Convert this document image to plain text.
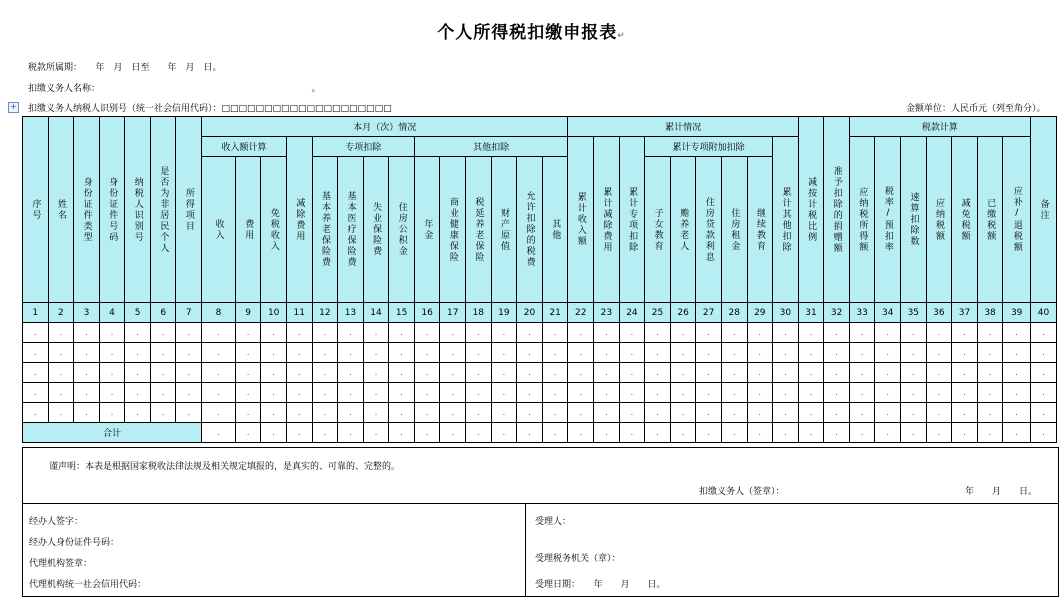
个人所得税扣缴申报表↵
税款所属期：　　年　月　日至　　年　月　日。
扣缴义务人名称：　　　　　　　　　　　　　　　　　　　　　　　　。
+ 扣缴义务人纳税人识别号（统一社会信用代码）：□□□□□□□□□□□□□□□□□□□□	金额单位：人民币元（列至角分）。
序号	姓名	身份证件类型	身份证件号码	纳税人识别号	是否为非居民个人	所得项目	本月（次）情况														累计情况									减按计税比例	准予扣除的捐赠额	税款计算							备注

							收入额计算			减除费用	专项扣除				其他扣除						累计收入额	累计减除费用	累计专项扣除	累计专项附加扣除					累计其他扣除			应纳税所得额	税率/预扣率	速算扣除数	应纳税额	减免税额	已缴税额	应补/退税额	

							收入	费用	免税收入		基本养老保险费	基本医疗保险费	失业保险费	住房公积金	年金	商业健康保险	税延养老保险	财产原值	允许扣除的税费	其他				子女教育	赡养老人	住房贷款利息	住房租金	继续教育											

1	2	3	4	5	6	7	8	9	10	11	12	13	14	15	16	17	18	19	20	21	22	23	24	25	26	27	28	29	30	31	32	33	34	35	36	37	38	39	40
.	.	.	.	.	.	.	.	.	.	.	.	.	.	.	.	.	.	.	.	.	.	.	.	.	.	.	.	.	.	.	.	.	.	.	.	.	.	.	.
.	.	.	.	.	.	.	.	.	.	.	.	.	.	.	.	.	.	.	.	.	.	.	.	.	.	.	.	.	.	.	.	.	.	.	.	.	.	.	.
.	.	.	.	.	.	.	.	.	.	.	.	.	.	.	.	.	.	.	.	.	.	.	.	.	.	.	.	.	.	.	.	.	.	.	.	.	.	.	.
.	.	.	.	.	.	.	.	.	.	.	.	.	.	.	.	.	.	.	.	.	.	.	.	.	.	.	.	.	.	.	.	.	.	.	.	.	.	.	.
.	.	.	.	.	.	.	.	.	.	.	.	.	.	.	.	.	.	.	.	.	.	.	.	.	.	.	.	.	.	.	.	.	.	.	.	.	.	.	.
合计							.	.	.	.	.	.	.	.	.	.	.	.	.	.	.	.	.	.	.	.	.	.	.	.	.	.	.	.	.	.	.	.	.
谨声明：本表是根据国家税收法律法规及相关规定填报的，是真实的、可靠的、完整的。
扣缴义务人（签章）：	年　　月　　日。
经办人签字：
经办人身份证件号码：
代理机构签章：
代理机构统一社会信用代码：
受理人：
受理税务机关（章）：
受理日期：　　年　　月　　日。
